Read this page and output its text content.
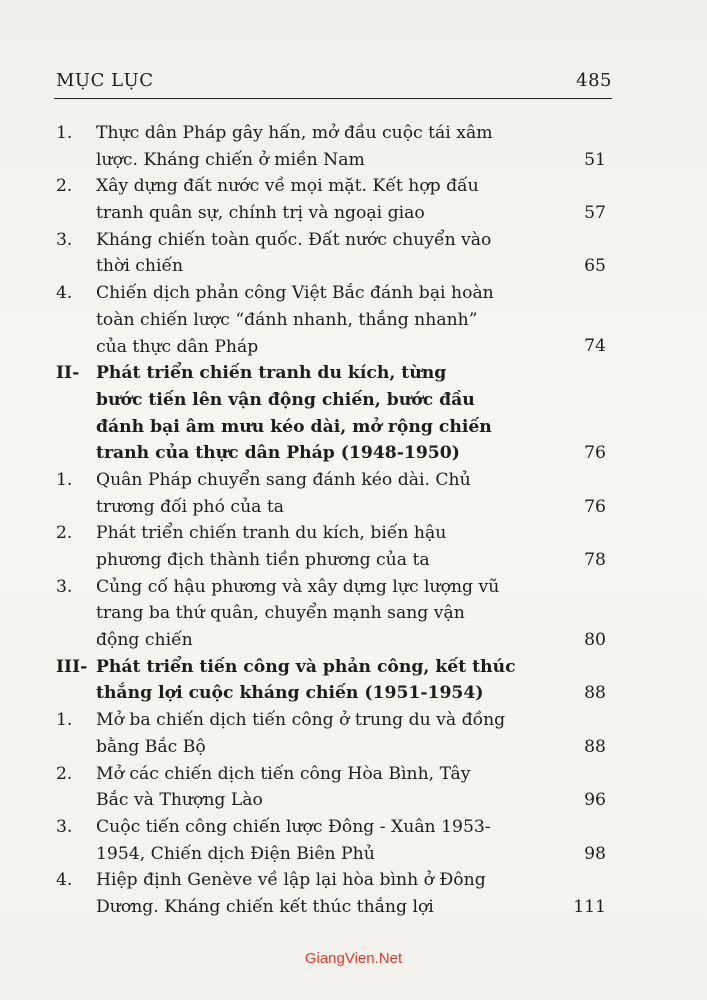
MỤC LỤC	485
1.	Thực dân Pháp gây hấn, mở đầu cuộc tái xâm
lược. Kháng chiến ở miền Nam	51
2.	Xây dựng đất nước về mọi mặt. Kết hợp đấu
tranh quân sự, chính trị và ngoại giao	57
3.	Kháng chiến toàn quốc. Đất nước chuyển vào
thời chiến	65
4.	Chiến dịch phản công Việt Bắc đánh bại hoàn
toàn chiến lược “đánh nhanh, thắng nhanh”
của thực dân Pháp	74
II- Phát triển chiến tranh du kích, từng
bước tiến lên vận động chiến, bước đầu
đánh bại âm mưu kéo dài, mở rộng chiến
tranh của thực dân Pháp (1948-1950)	76
1.	Quân Pháp chuyển sang đánh kéo dài. Chủ
trương đối phó của ta	76
2.	Phát triển chiến tranh du kích, biến hậu
phương địch thành tiền phương của ta	78
3.	Củng cố hậu phương và xây dựng lực lượng vũ
trang ba thứ quân, chuyển mạnh sang vận
động chiến	80
III- Phát triển tiến công và phản công, kết thúc
thắng lợi cuộc kháng chiến (1951-1954)	88
1.	Mở ba chiến dịch tiến công ở trung du và đồng
bằng Bắc Bộ	88
2.	Mở các chiến dịch tiến công Hòa Bình, Tây
Bắc và Thượng Lào	96
3.	Cuộc tiến công chiến lược Đông - Xuân 1953-
1954, Chiến dịch Điện Biên Phủ	98
4.	Hiệp định Genève về lập lại hòa bình ở Đông
Dương. Kháng chiến kết thúc thắng lợi	111
GiangVien.Net
